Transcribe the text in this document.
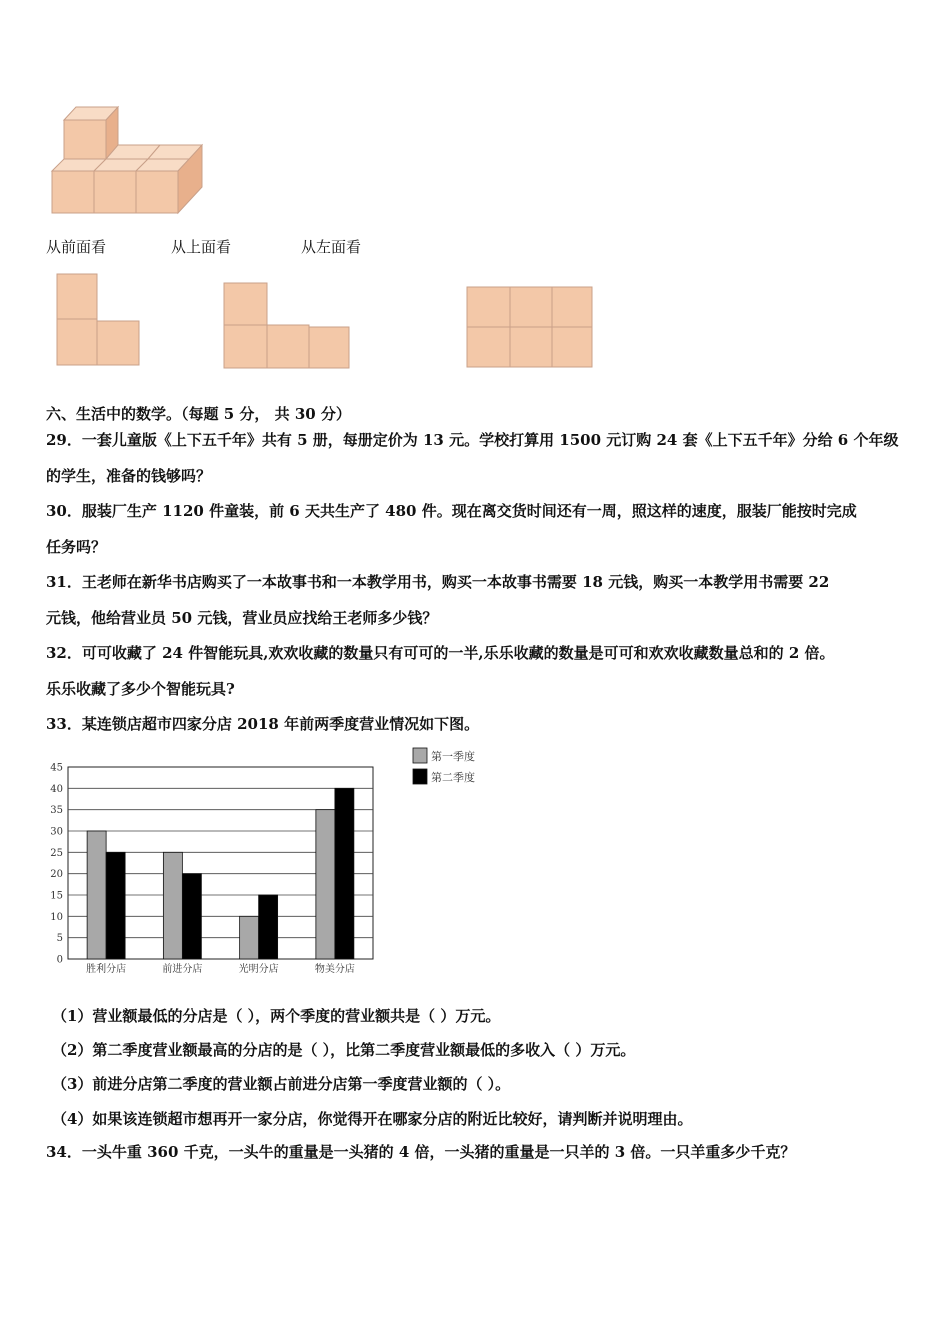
从前面看	从上面看	从左面看
六、生活中的数学。（每题 5 分， 共 30 分）
29．一套儿童版《上下五千年》共有 5 册，每册定价为 13 元。学校打算用 1500 元订购 24 套《上下五千年》分给 6 个年级
的学生，准备的钱够吗？
30．服装厂生产 1120 件童装，前 6 天共生产了 480 件。现在离交货时间还有一周，照这样的速度，服装厂能按时完成
任务吗？
31．王老师在新华书店购买了一本故事书和一本教学用书，购买一本故事书需要 18 元钱，购买一本教学用书需要 22
元钱，他给营业员 50 元钱，营业员应找给王老师多少钱？
32．可可收藏了 24 件智能玩具,欢欢收藏的数量只有可可的一半,乐乐收藏的数量是可可和欢欢收藏数量总和的 2 倍。
乐乐收藏了多少个智能玩具?
33．某连锁店超市四家分店 2018 年前两季度营业情况如下图。
0
5
10
15
20
25
30
35
40
45
胜利分店	前进分店	光明分店	物美分店
第一季度
第二季度
（1）营业额最低的分店是（ ），两个季度的营业额共是（ ）万元。
（2）第二季度营业额最高的分店的是（ ），比第二季度营业额最低的多收入（ ）万元。
（3）前进分店第二季度的营业额占前进分店第一季度营业额的（ ）。
（4）如果该连锁超市想再开一家分店，你觉得开在哪家分店的附近比较好，请判断并说明理由。
34．一头牛重 360 千克，一头牛的重量是一头猪的 4 倍，一头猪的重量是一只羊的 3 倍。一只羊重多少千克？
